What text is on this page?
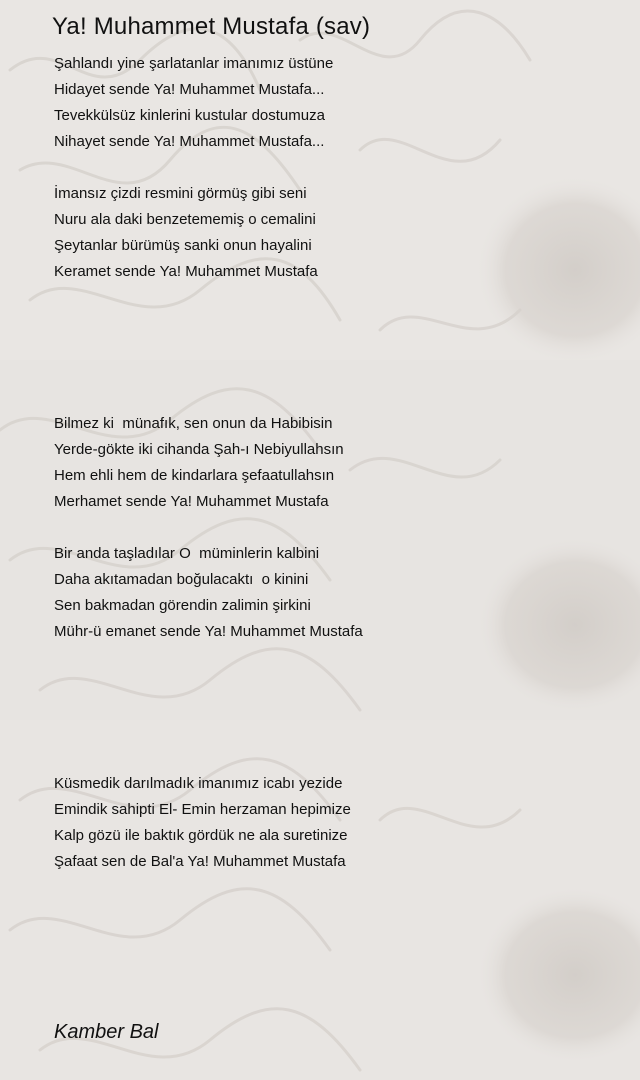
Ya! Muhammet Mustafa (sav)
Şahlandı yine şarlatanlar imanımız üstüne
Hidayet sende Ya! Muhammet Mustafa...
Tevekkülsüz kinlerini kustular dostumuza
Nihayet sende Ya! Muhammet Mustafa...
İmansız çizdi resmini görmüş gibi seni
Nuru ala daki benzetememiş o cemalini
Şeytanlar bürümüş sanki onun hayalini
Keramet sende Ya! Muhammet Mustafa
Bilmez ki  münafık, sen onun da Habibisin
Yerde-gökte iki cihanda Şah-ı Nebiyullahsın
Hem ehli hem de kindarlara şefaatullahsın
Merhamet sende Ya! Muhammet Mustafa
Bir anda taşladılar O  müminlerin kalbini
Daha akıtamadan boğulacaktı  o kinini
Sen bakmadan görendin zalimin şirkini
Mühr-ü emanet sende Ya! Muhammet Mustafa
Küsmedik darılmadık imanımız icabı yezide
Emindik sahipti El- Emin herzaman hepimize
Kalp gözü ile baktık gördük ne ala suretinize
Şafaat sen de Bal'a Ya! Muhammet Mustafa
Kamber Bal
